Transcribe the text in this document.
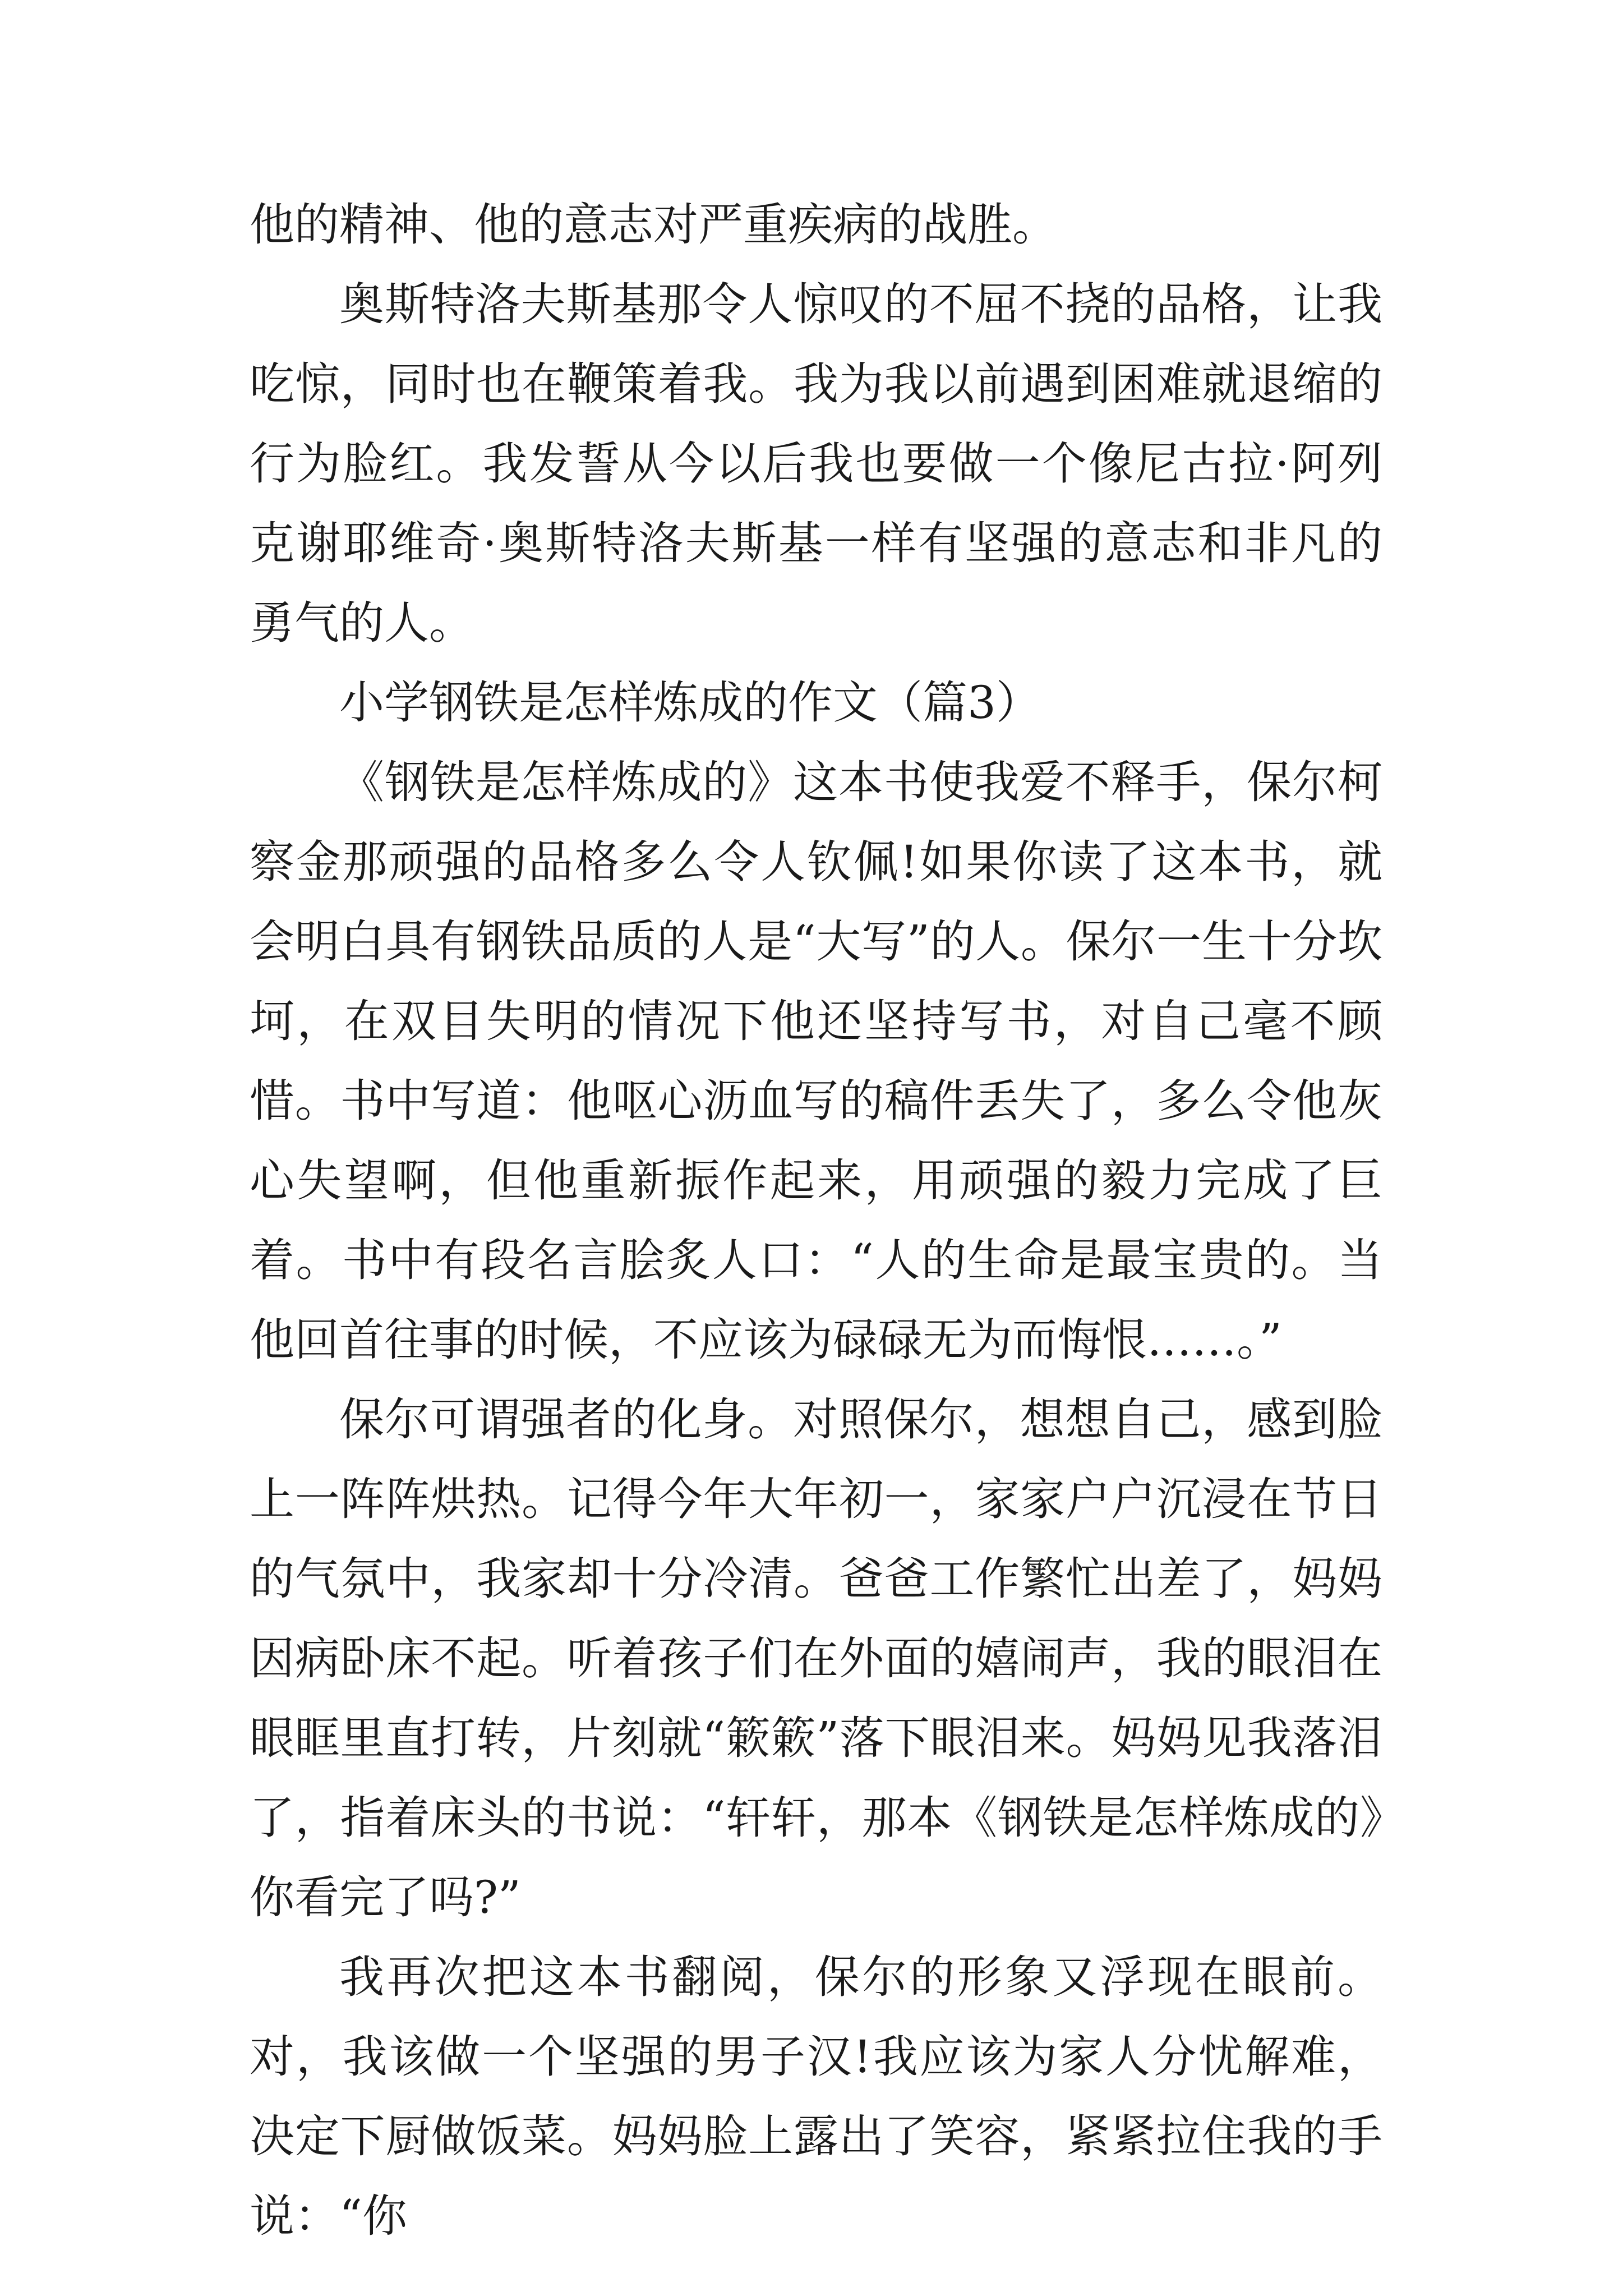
他的精神、他的意志对严重疾病的战胜。

奥斯特洛夫斯基那令人惊叹的不屈不挠的品格，让我吃惊，同时也在鞭策着我。我为我以前遇到困难就退缩的行为脸红。我发誓从今以后我也要做一个像尼古拉·阿列克谢耶维奇·奥斯特洛夫斯基一样有坚强的意志和非凡的勇气的人。

小学钢铁是怎样炼成的作文（篇3）

《钢铁是怎样炼成的》这本书使我爱不释手，保尔柯察金那顽强的品格多么令人钦佩!如果你读了这本书，就会明白具有钢铁品质的人是“大写”的人。保尔一生十分坎坷，在双目失明的情况下他还坚持写书，对自己毫不顾惜。书中写道：他呕心沥血写的稿件丢失了，多么令他灰心失望啊，但他重新振作起来，用顽强的毅力完成了巨着。书中有段名言脍炙人口：“人的生命是最宝贵的。当他回首往事的时候，不应该为碌碌无为而悔恨……。”

保尔可谓强者的化身。对照保尔，想想自己，感到脸上一阵阵烘热。记得今年大年初一，家家户户沉浸在节日的气氛中，我家却十分冷清。爸爸工作繁忙出差了，妈妈因病卧床不起。听着孩子们在外面的嬉闹声，我的眼泪在眼眶里直打转，片刻就“簌簌”落下眼泪来。妈妈见我落泪了，指着床头的书说：“轩轩，那本《钢铁是怎样炼成的》你看完了吗?”

我再次把这本书翻阅，保尔的形象又浮现在眼前。对，我该做一个坚强的男子汉!我应该为家人分忧解难，决定下厨做饭菜。妈妈脸上露出了笑容，紧紧拉住我的手说：“你
